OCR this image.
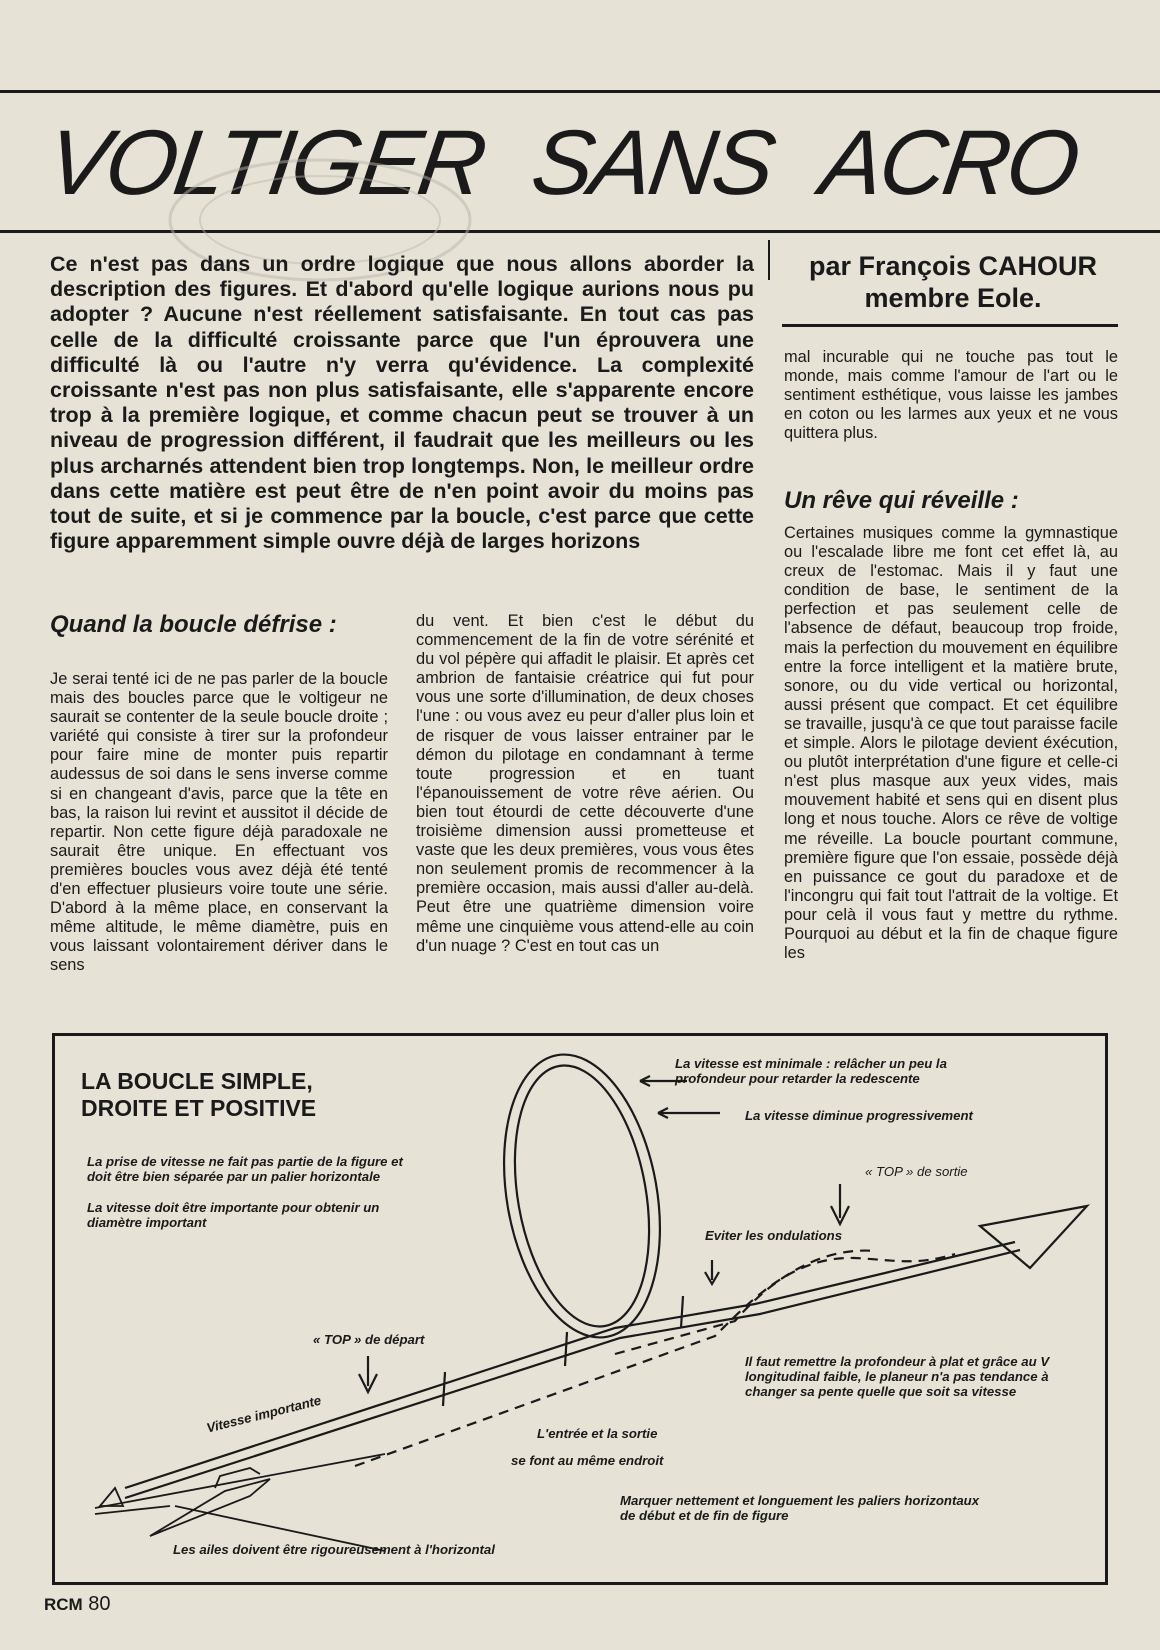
VOLTIGER SANS ACRO

Ce n'est pas dans un ordre logique que nous allons aborder la description des figures. Et d'abord qu'elle logique aurions nous pu adopter ? Aucune n'est réellement satisfaisante. En tout cas pas celle de la difficulté croissante parce que l'un éprouvera une difficulté là ou l'autre n'y verra qu'évidence. La complexité croissante n'est pas non plus satisfaisante, elle s'apparente encore trop à la première logique, et comme chacun peut se trouver à un niveau de progression différent, il faudrait que les meilleurs ou les plus archarnés attendent bien trop longtemps. Non, le meilleur ordre dans cette matière est peut être de n'en point avoir du moins pas tout de suite, et si je commence par la boucle, c'est parce que cette figure apparemment simple ouvre déjà de larges horizons

par François CAHOUR
membre Eole.

mal incurable qui ne touche pas tout le monde, mais comme l'amour de l'art ou le sentiment esthétique, vous laisse les jambes en coton ou les larmes aux yeux et ne vous quittera plus.

Un rêve qui réveille :

Certaines musiques comme la gymnastique ou l'escalade libre me font cet effet là, au creux de l'estomac. Mais il y faut une condition de base, le sentiment de la perfection et pas seulement celle de l'absence de défaut, beaucoup trop froide, mais la perfection du mouvement en équilibre entre la force intelligent et la matière brute, sonore, ou du vide vertical ou horizontal, aussi présent que compact. Et cet équilibre se travaille, jusqu'à ce que tout paraisse facile et simple. Alors le pilotage devient éxécution, ou plutôt interprétation d'une figure et celle-ci n'est plus masque aux yeux vides, mais mouvement habité et sens qui en disent plus long et nous touche. Alors ce rêve de voltige me réveille. La boucle pourtant commune, première figure que l'on essaie, possède déjà en puissance ce gout du paradoxe et de l'incongru qui fait tout l'attrait de la voltige. Et pour celà il vous faut y mettre du rythme. Pourquoi au début et la fin de chaque figure les

Quand la boucle défrise :

Je serai tenté ici de ne pas parler de la boucle mais des boucles parce que le voltigeur ne saurait se contenter de la seule boucle droite ; variété qui consiste à tirer sur la profondeur pour faire mine de monter puis repartir audessus de soi dans le sens inverse comme si en changeant d'avis, parce que la tête en bas, la raison lui revint et aussitot il décide de repartir. Non cette figure déjà paradoxale ne saurait être unique. En effectuant vos premières boucles vous avez déjà été tenté d'en effectuer plusieurs voire toute une série. D'abord à la même place, en conservant la même altitude, le même diamètre, puis en vous laissant volontairement dériver dans le sens

du vent. Et bien c'est le début du commencement de la fin de votre sérénité et du vol pépère qui affadit le plaisir. Et après cet ambrion de fantaisie créatrice qui fut pour vous une sorte d'illumination, de deux choses l'une : ou vous avez eu peur d'aller plus loin et de risquer de vous laisser entrainer par le démon du pilotage en condamnant à terme toute progression et en tuant l'épanouissement de votre rêve aérien. Ou bien tout étourdi de cette découverte d'une troisième dimension aussi prometteuse et vaste que les deux premières, vous vous êtes non seulement promis de recommencer à la première occasion, mais aussi d'aller au-delà. Peut être une quatrième dimension voire même une cinquième vous attend-elle au coin d'un nuage ? C'est en tout cas un

LA BOUCLE SIMPLE,
DROITE ET POSITIVE
La vitesse est minimale : relâcher un peu la profondeur pour retarder la redescente
La vitesse diminue progressivement
La prise de vitesse ne fait pas partie de la figure et doit être bien séparée par un palier horizontale
La vitesse doit être importante pour obtenir un diamètre important
« TOP » de sortie
Eviter les ondulations
« TOP » de départ
Il faut remettre la profondeur à plat et grâce au V longitudinal faible, le planeur n'a pas tendance à changer sa pente quelle que soit sa vitesse
Vitesse importante	L'entrée et la sortie
se font au même endroit
Marquer nettement et longuement les paliers horizontaux de début et de fin de figure
Les ailes doivent être rigoureusement à l'horizontal
RCM 80
